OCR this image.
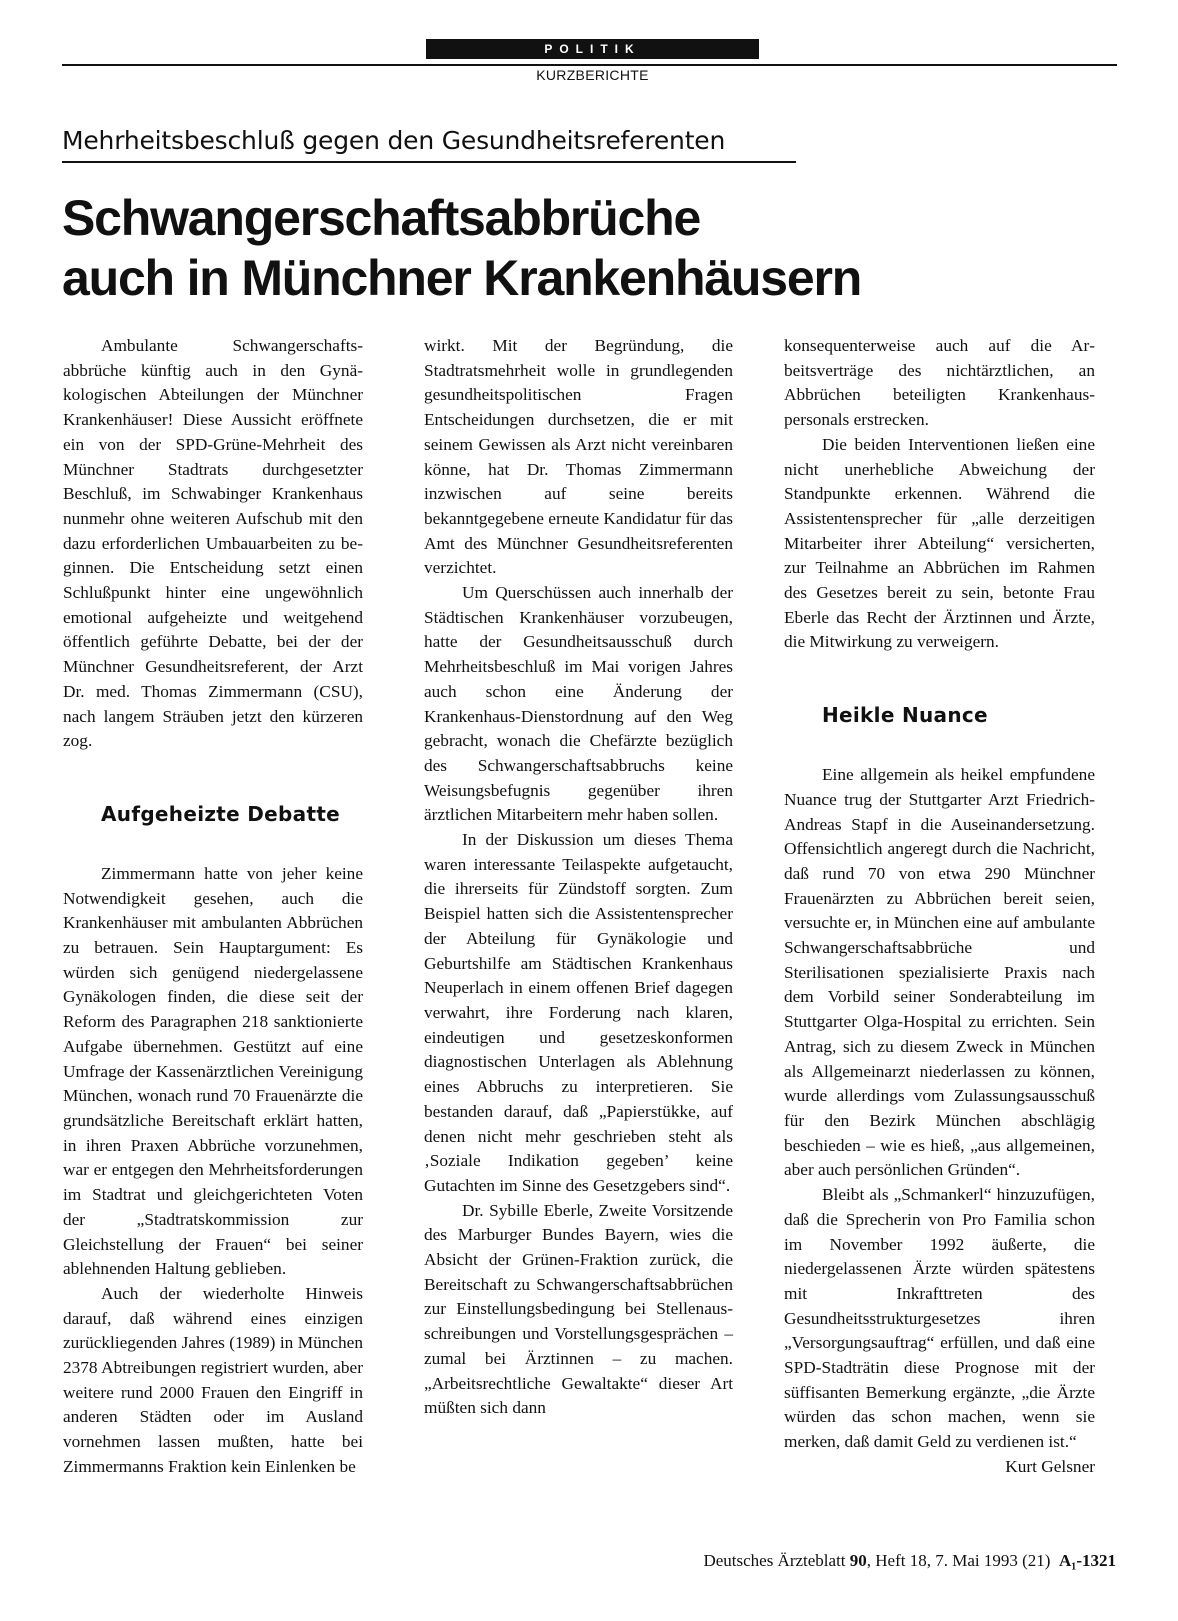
POLITIK
KURZBERICHTE
Mehrheitsbeschluß gegen den Gesundheitsreferenten
Schwangerschaftsabbrüche
auch in Münchner Krankenhäusern

Ambulante Schwangerschaftsabbrüche künftig auch in den Gynäkologischen Abteilungen der Münchner Krankenhäuser! Diese Aussicht eröffnete ein von der SPD-Grüne-Mehrheit des Münchner Stadtrats durchgesetzter Beschluß, im Schwabinger Krankenhaus nunmehr ohne weiteren Aufschub mit den dazu erforderlichen Umbauarbeiten zu beginnen. Die Entscheidung setzt einen Schlußpunkt hinter eine ungewöhnlich emotional aufgeheizte und weitgehend öffentlich geführte Debatte, bei der der Münchner Gesundheitsreferent, der Arzt Dr. med. Thomas Zimmermann (CSU), nach langem Sträuben jetzt den kürzeren zog.

Aufgeheizte Debatte

Zimmermann hatte von jeher keine Notwendigkeit gesehen, auch die Krankenhäuser mit ambulanten Abbrüchen zu betrauen. Sein Hauptargument: Es würden sich genügend niedergelassene Gynäkologen finden, die diese seit der Reform des Paragraphen 218 sanktionierte Aufgabe übernehmen. Gestützt auf eine Umfrage der Kassenärztlichen Vereinigung München, wonach rund 70 Frauenärzte die grundsätzliche Bereitschaft erklärt hatten, in ihren Praxen Abbrüche vorzunehmen, war er entgegen den Mehrheitsforderungen im Stadtrat und gleichgerichteten Voten der „Stadtratskommission zur Gleichstellung der Frauen“ bei seiner ablehnenden Haltung geblieben.

Auch der wiederholte Hinweis darauf, daß während eines einzigen zurückliegenden Jahres (1989) in München 2378 Abtreibungen registriert wurden, aber weitere rund 2000 Frauen den Eingriff in anderen Städten oder im Ausland vornehmen lassen mußten, hatte bei Zimmermanns Fraktion kein Einlenken be

wirkt. Mit der Begründung, die Stadtratsmehrheit wolle in grundlegenden gesundheitspolitischen Fragen Entscheidungen durchsetzen, die er mit seinem Gewissen als Arzt nicht vereinbaren könne, hat Dr. Thomas Zimmermann inzwischen auf seine bereits bekanntgegebene erneute Kandidatur für das Amt des Münchner Gesundheitsreferenten verzichtet.

Um Querschüssen auch innerhalb der Städtischen Krankenhäuser vorzubeugen, hatte der Gesundheitsausschuß durch Mehrheitsbeschluß im Mai vorigen Jahres auch schon eine Änderung der Krankenhaus-Dienstordnung auf den Weg gebracht, wonach die Chefärzte bezüglich des Schwangerschaftsabbruchs keine Weisungsbefugnis gegenüber ihren ärztlichen Mitarbeitern mehr haben sollen.

In der Diskussion um dieses Thema waren interessante Teilaspekte aufgetaucht, die ihrerseits für Zündstoff sorgten. Zum Beispiel hatten sich die Assistentensprecher der Abteilung für Gynäkologie und Geburtshilfe am Städtischen Krankenhaus Neuperlach in einem offenen Brief dagegen verwahrt, ihre Forderung nach klaren, eindeutigen und gesetzeskonformen diagnostischen Unterlagen als Ablehnung eines Abbruchs zu interpretieren. Sie bestanden darauf, daß „Papierstükke, auf denen nicht mehr geschrieben steht als ‚Soziale Indikation gegeben’ keine Gutachten im Sinne des Gesetzgebers sind“.

Dr. Sybille Eberle, Zweite Vorsitzende des Marburger Bundes Bayern, wies die Absicht der Grünen-Fraktion zurück, die Bereitschaft zu Schwangerschaftsabbrüchen zur Einstellungsbedingung bei Stellenausschreibungen und Vorstellungsgesprächen – zumal bei Ärztinnen – zu machen. „Arbeitsrechtliche Gewaltakte“ dieser Art müßten sich dann

konsequenterweise auch auf die Arbeitsverträge des nichtärztlichen, an Abbrüchen beteiligten Krankenhauspersonals erstrecken.

Die beiden Interventionen ließen eine nicht unerhebliche Abweichung der Standpunkte erkennen. Während die Assistentensprecher für „alle derzeitigen Mitarbeiter ihrer Abteilung“ versicherten, zur Teilnahme an Abbrüchen im Rahmen des Gesetzes bereit zu sein, betonte Frau Eberle das Recht der Ärztinnen und Ärzte, die Mitwirkung zu verweigern.

Heikle Nuance

Eine allgemein als heikel empfundene Nuance trug der Stuttgarter Arzt Friedrich-Andreas Stapf in die Auseinandersetzung. Offensichtlich angeregt durch die Nachricht, daß rund 70 von etwa 290 Münchner Frauenärzten zu Abbrüchen bereit seien, versuchte er, in München eine auf ambulante Schwangerschaftsabbrüche und Sterilisationen spezialisierte Praxis nach dem Vorbild seiner Sonderabteilung im Stuttgarter Olga-Hospital zu errichten. Sein Antrag, sich zu diesem Zweck in München als Allgemeinarzt niederlassen zu können, wurde allerdings vom Zulassungsausschuß für den Bezirk München abschlägig beschieden – wie es hieß, „aus allgemeinen, aber auch persönlichen Gründen“.

Bleibt als „Schmankerl“ hinzuzufügen, daß die Sprecherin von Pro Familia schon im November 1992 äußerte, die niedergelassenen Ärzte würden spätestens mit Inkrafttreten des Gesundheitsstrukturgesetzes ihren „Versorgungsauftrag“ erfüllen, und daß eine SPD-Stadträtin diese Prognose mit der süffisanten Bemerkung ergänzte, „die Ärzte würden das schon machen, wenn sie merken, daß damit Geld zu verdienen ist.“

Kurt Gelsner

Deutsches Ärzteblatt 90, Heft 18, 7. Mai 1993 (21) A₁-1321
